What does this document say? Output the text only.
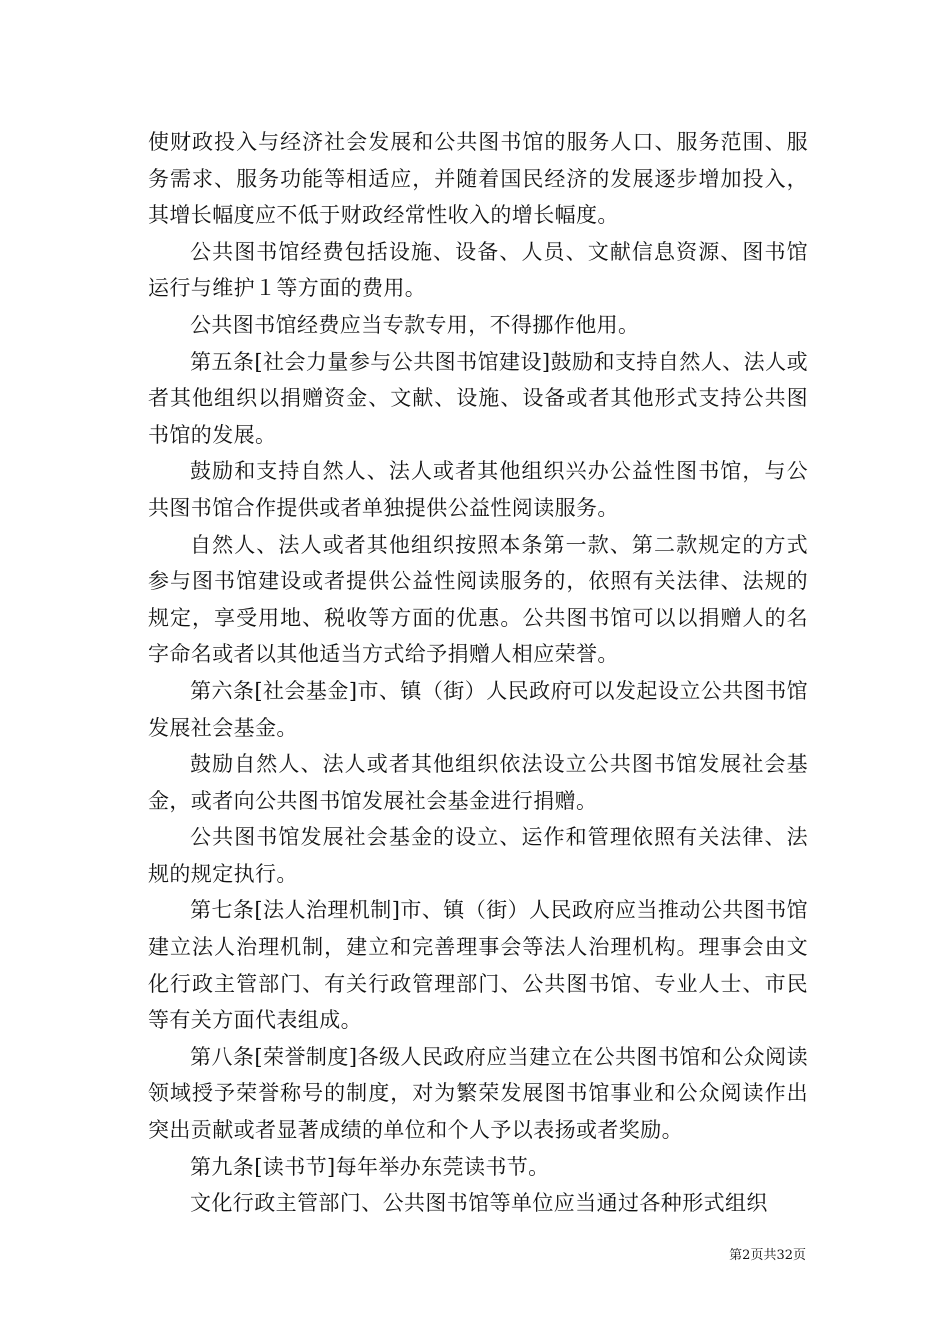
使财政投入与经济社会发展和公共图书馆的服务人口、服务范围、服务需求、服务功能等相适应，并随着国民经济的发展逐步增加投入，其增长幅度应不低于财政经常性收入的增长幅度。

公共图书馆经费包括设施、设备、人员、文献信息资源、图书馆运行与维护１等方面的费用。

公共图书馆经费应当专款专用，不得挪作他用。

第五条[社会力量参与公共图书馆建设]鼓励和支持自然人、法人或者其他组织以捐赠资金、文献、设施、设备或者其他形式支持公共图书馆的发展。

鼓励和支持自然人、法人或者其他组织兴办公益性图书馆，与公共图书馆合作提供或者单独提供公益性阅读服务。

自然人、法人或者其他组织按照本条第一款、第二款规定的方式参与图书馆建设或者提供公益性阅读服务的，依照有关法律、法规的规定，享受用地、税收等方面的优惠。公共图书馆可以以捐赠人的名字命名或者以其他适当方式给予捐赠人相应荣誉。

第六条[社会基金]市、镇（街）人民政府可以发起设立公共图书馆发展社会基金。

鼓励自然人、法人或者其他组织依法设立公共图书馆发展社会基金，或者向公共图书馆发展社会基金进行捐赠。

公共图书馆发展社会基金的设立、运作和管理依照有关法律、法规的规定执行。

第七条[法人治理机制]市、镇（街）人民政府应当推动公共图书馆建立法人治理机制，建立和完善理事会等法人治理机构。理事会由文化行政主管部门、有关行政管理部门、公共图书馆、专业人士、市民等有关方面代表组成。

第八条[荣誉制度]各级人民政府应当建立在公共图书馆和公众阅读领域授予荣誉称号的制度，对为繁荣发展图书馆事业和公众阅读作出突出贡献或者显著成绩的单位和个人予以表扬或者奖励。

第九条[读书节]每年举办东莞读书节。

文化行政主管部门、公共图书馆等单位应当通过各种形式组织

第2页共32页
